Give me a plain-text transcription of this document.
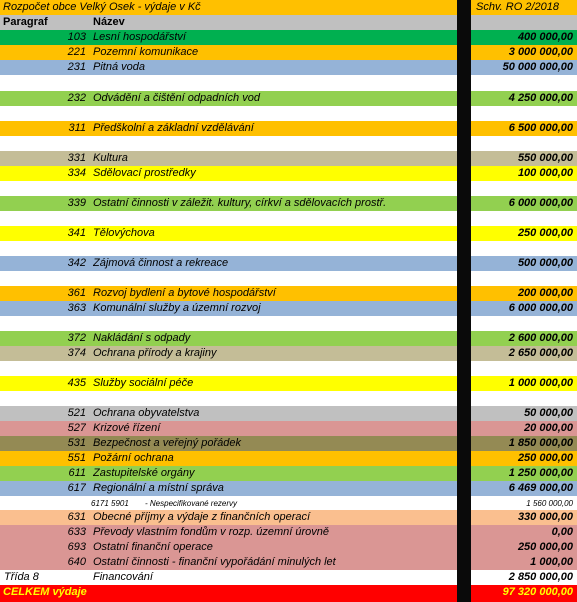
Rozpočet obce Velký Osek - výdaje v Kč	Schv. RO 2/2018
Paragraf	Název
103 Lesní hospodářství	400 000,00
221 Pozemní komunikace	3 000 000,00
231 Pitná voda	50 000 000,00
232 Odvádění a čištění odpadních vod	4 250 000,00
311 Předškolní a základní vzdělávání	6 500 000,00
331 Kultura	550 000,00
334 Sdělovací prostředky	100 000,00
339 Ostatní činnosti v záležit. kultury, církví a sdělovacích prostř.	6 000 000,00
341 Tělovýchova	250 000,00
342 Zájmová činnost a rekreace	500 000,00
361 Rozvoj bydlení a bytové hospodářství	200 000,00
363 Komunální služby a územní rozvoj	6 000 000,00
372 Nakládání s odpady	2 600 000,00
374 Ochrana přírody a krajiny	2 650 000,00
435 Služby sociální péče	1 000 000,00
521 Ochrana obyvatelstva	50 000,00
527 Krizové řízení	20 000,00
531 Bezpečnost a veřejný pořádek	1 850 000,00
551 Požární ochrana	250 000,00
611 Zastupitelské orgány	1 250 000,00
617 Regionální a místní správa	6 469 000,00
6171 5901	- Nespecifikované rezervy	1 560 000,00
631 Obecné příjmy a výdaje z finančních operací	330 000,00
633 Převody vlastním fondům v rozp. územní úrovně	0,00
693 Ostatní finanční operace	250 000,00
640 Ostatní činnosti - finanční vypořádání minulých let	1 000,00
Třída 8	Financování	2 850 000,00
CELKEM výdaje	97 320 000,00
